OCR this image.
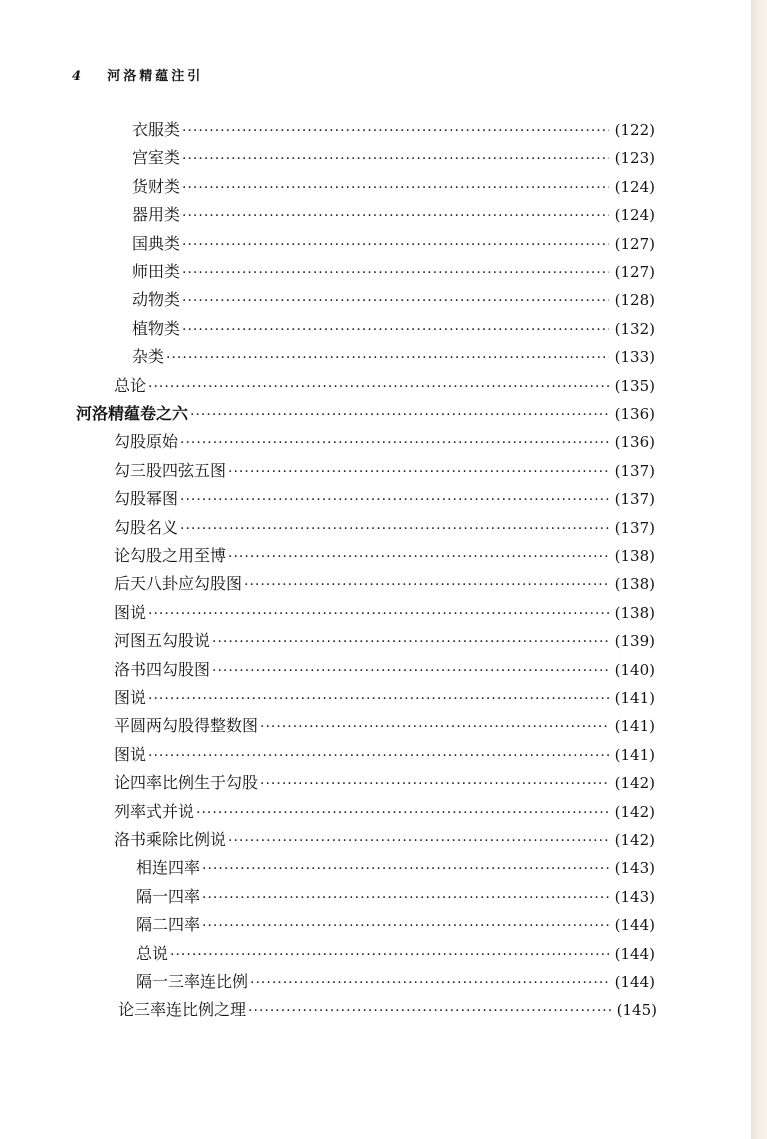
4 河洛精蕴注引
衣服类 ·····	(122)
宫室类 ·····	(123)
货财类 ·····	(124)
器用类 ·····	(124)
国典类 ·····	(127)
师田类 ·····	(127)
动物类 ·····	(128)
植物类 ·····	(132)
杂类 ·····	(133)
总论 ·····	(135)
河洛精蕴卷之六 ·····	(136)
勾股原始 ·····	(136)
勾三股四弦五图 ·····	(137)
勾股幂图 ·····	(137)
勾股名义 ·····	(137)
论勾股之用至博 ·····	(138)
后天八卦应勾股图 ·····	(138)
图说 ·····	(138)
河图五勾股说 ·····	(139)
洛书四勾股图 ·····	(140)
图说 ·····	(141)
平圆两勾股得整数图 ·····	(141)
图说 ·····	(141)
论四率比例生于勾股 ·····	(142)
列率式并说 ·····	(142)
洛书乘除比例说 ·····	(142)
相连四率 ·····	(143)
隔一四率 ·····	(143)
隔二四率 ·····	(144)
总说 ·····	(144)
隔一三率连比例 ·····	(144)
论三率连比例之理 ·····	(145)
